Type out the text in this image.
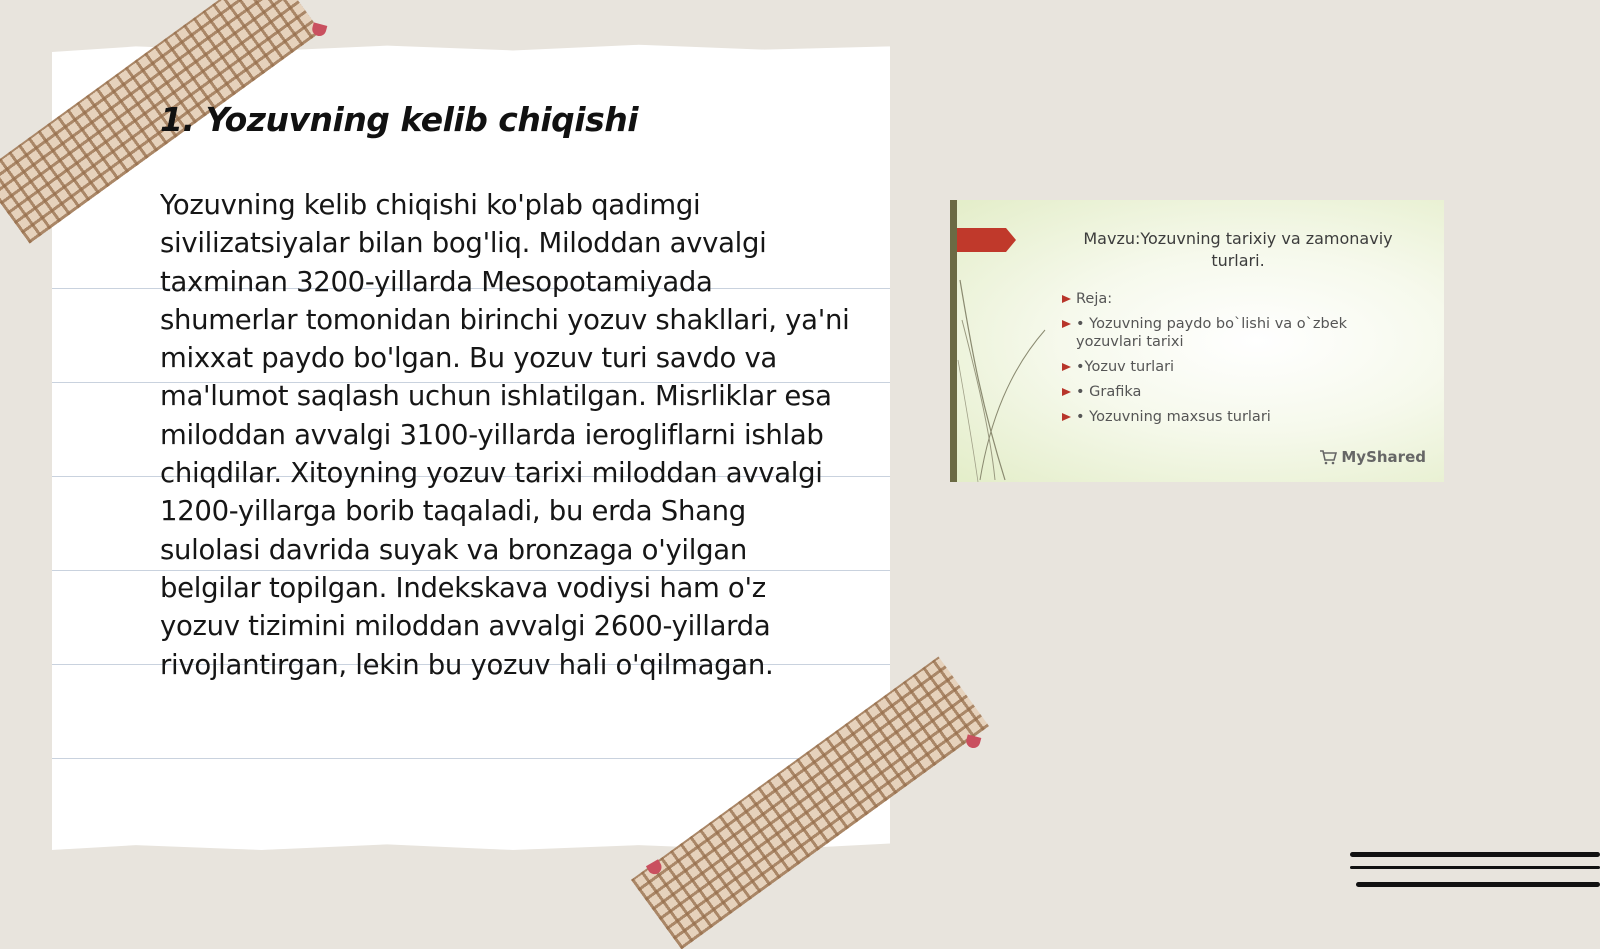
1. Yozuvning kelib chiqishi

Yozuvning kelib chiqishi ko'plab qadimgi sivilizatsiyalar bilan bog'liq. Miloddan avvalgi taxminan 3200-yillarda Mesopotamiyada shumerlar tomonidan birinchi yozuv shakllari, ya'ni mixxat paydo bo'lgan. Bu yozuv turi savdo va ma'lumot saqlash uchun ishlatilgan. Misrliklar esa miloddan avvalgi 3100-yillarda ierogliflarni ishlab chiqdilar. Xitoyning yozuv tarixi miloddan avvalgi 1200-yillarga borib taqaladi, bu erda Shang sulolasi davrida suyak va bronzaga o'yilgan belgilar topilgan. Indekskava vodiysi ham o'z yozuv tizimini miloddan avvalgi 2600-yillarda rivojlantirgan, lekin bu yozuv hali o'qilmagan.

Mavzu:Yozuvning tarixiy va zamonaviy turlari.
Reja:
• Yozuvning paydo bo`lishi va o`zbek yozuvlari tarixi
•Yozuv turlari
• Grafika
• Yozuvning maxsus turlari
MyShared
